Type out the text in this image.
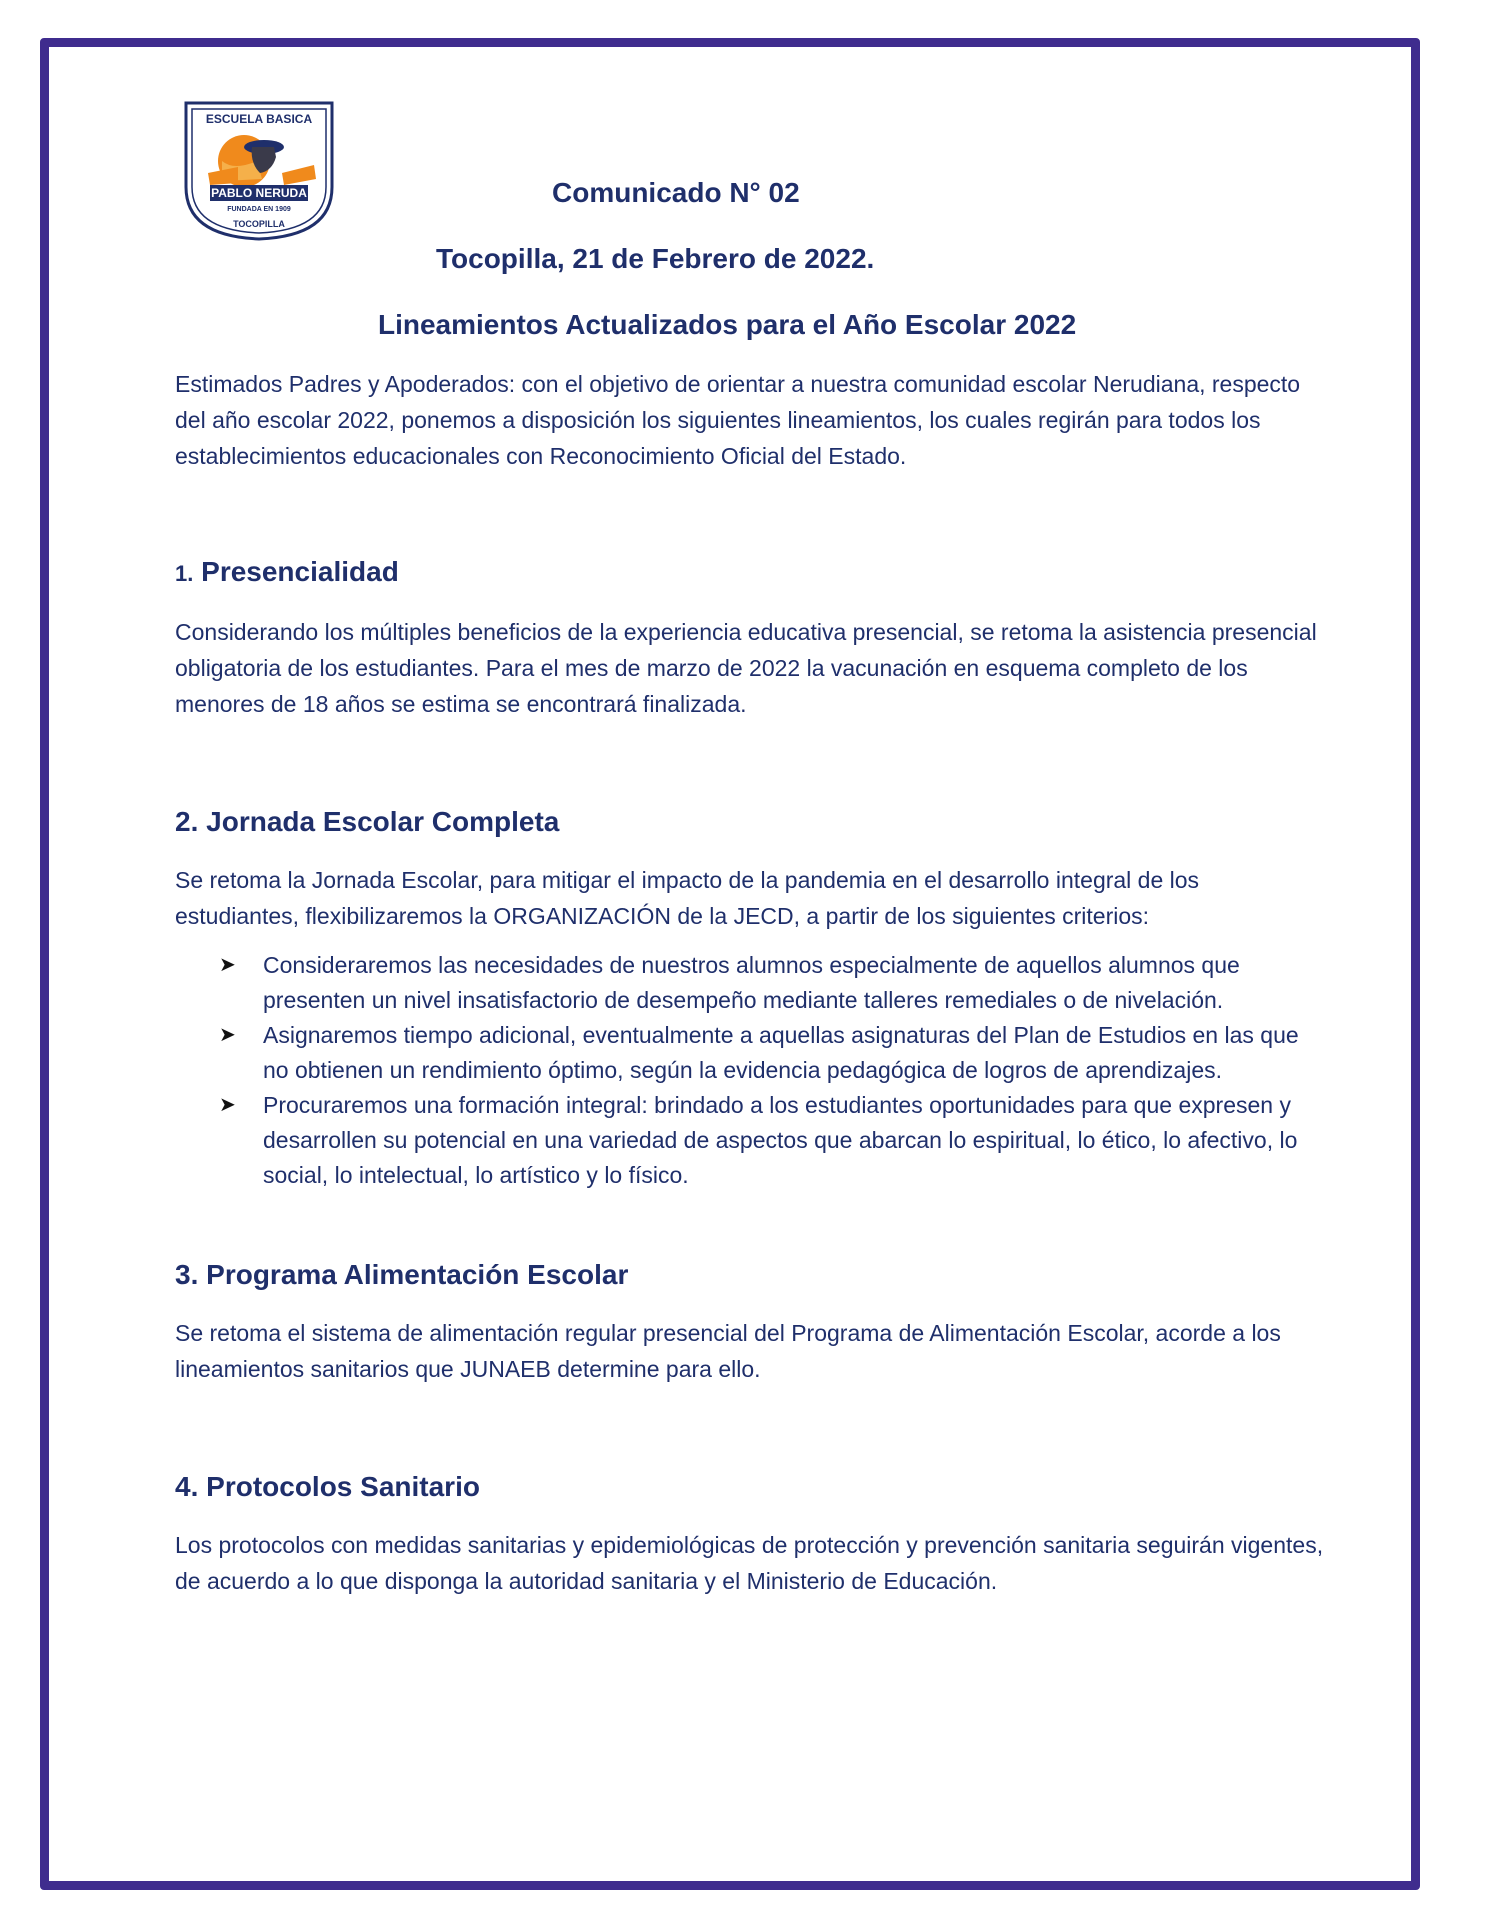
ESCUELA BASICA
PABLO NERUDA
FUNDADA EN 1909
TOCOPILLA

Comunicado N° 02

Tocopilla, 21 de Febrero de 2022.

Lineamientos Actualizados para el Año Escolar 2022

Estimados Padres y Apoderados: con el objetivo de orientar a nuestra comunidad escolar Nerudiana, respecto del año escolar 2022, ponemos a disposición los siguientes lineamientos, los cuales regirán para todos los establecimientos educacionales con Reconocimiento Oficial del Estado.

1. Presencialidad

Considerando los múltiples beneficios de la experiencia educativa presencial, se retoma la asistencia presencial obligatoria de los estudiantes. Para el mes de marzo de 2022 la vacunación en esquema completo de los menores de 18 años se estima se encontrará finalizada.

2. Jornada Escolar Completa

Se retoma la Jornada Escolar, para mitigar el impacto de la pandemia en el desarrollo integral de los estudiantes, flexibilizaremos la ORGANIZACIÓN de la JECD, a partir de los siguientes criterios:

➤ Consideraremos las necesidades de nuestros alumnos especialmente de aquellos alumnos que presenten un nivel insatisfactorio de desempeño mediante talleres remediales o de nivelación.
➤ Asignaremos tiempo adicional, eventualmente a aquellas asignaturas del Plan de Estudios en las que no obtienen un rendimiento óptimo, según la evidencia pedagógica de logros de aprendizajes.
➤ Procuraremos una formación integral: brindado a los estudiantes oportunidades para que expresen y desarrollen su potencial en una variedad de aspectos que abarcan lo espiritual, lo ético, lo afectivo, lo social, lo intelectual, lo artístico y lo físico.
3. Programa Alimentación Escolar

Se retoma el sistema de alimentación regular presencial del Programa de Alimentación Escolar, acorde a los lineamientos sanitarios que JUNAEB determine para ello.

4. Protocolos Sanitario

Los protocolos con medidas sanitarias y epidemiológicas de protección y prevención sanitaria seguirán vigentes, de acuerdo a lo que disponga la autoridad sanitaria y el Ministerio de Educación.
